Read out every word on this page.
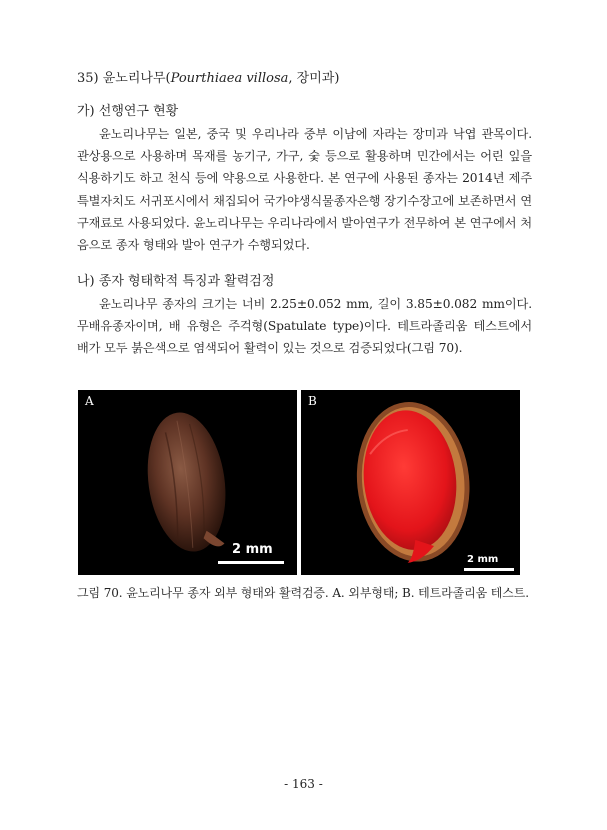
35) 윤노리나무(Pourthiaea villosa, 장미과)
가) 선행연구 현황

윤노리나무는 일본, 중국 및 우리나라 중부 이남에 자라는 장미과 낙엽 관목이다. 관상용으로 사용하며 목재를 농기구, 가구, 숯 등으로 활용하며 민간에서는 어린 잎을 식용하기도 하고 천식 등에 약용으로 사용한다. 본 연구에 사용된 종자는 2014년 제주특별자치도 서귀포시에서 채집되어 국가야생식물종자은행 장기수장고에 보존하면서 연구재료로 사용되었다. 윤노리나무는 우리나라에서 발아연구가 전무하여 본 연구에서 처음으로 종자 형태와 발아 연구가 수행되었다.

나) 종자 형태학적 특징과 활력검정

윤노리나무 종자의 크기는 너비 2.25±0.052 mm, 길이 3.85±0.082 mm이다. 무배유종자이며, 배 유형은 주걱형(Spatulate type)이다. 테트라졸리움 테스트에서 배가 모두 붉은색으로 염색되어 활력이 있는 것으로 검증되었다(그림 70).

A
2 mm
B
2 mm
그림 70. 윤노리나무 종자 외부 형태와 활력검증. A. 외부형태; B. 테트라졸리움 테스트.
- 163 -
